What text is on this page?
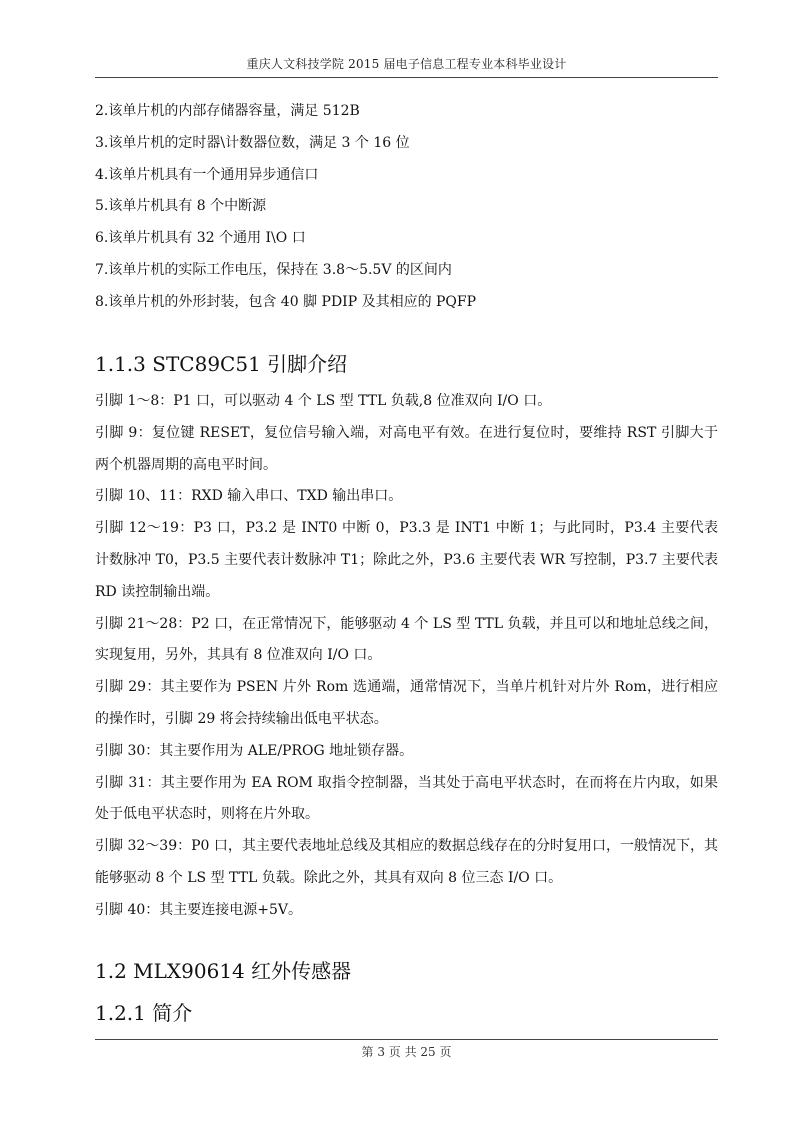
重庆人文科技学院 2015 届电子信息工程专业本科毕业设计

2.该单片机的内部存储器容量，满足 512B

3.该单片机的定时器\计数器位数，满足 3 个 16 位

4.该单片机具有一个通用异步通信口

5.该单片机具有 8 个中断源

6.该单片机具有 32 个通用 I\O 口

7.该单片机的实际工作电压，保持在 3.8～5.5V 的区间内

8.该单片机的外形封装，包含 40 脚 PDIP 及其相应的 PQFP

1.1.3 STC89C51 引脚介绍

引脚 1～8：P1 口，可以驱动 4 个 LS 型 TTL 负载,8 位准双向 I/O 口。

引脚 9：复位键 RESET，复位信号输入端，对高电平有效。在进行复位时，要维持 RST 引脚大于两个机器周期的高电平时间。

引脚 10、11：RXD 输入串口、TXD 输出串口。

引脚 12～19：P3 口，P3.2 是 INT0 中断 0，P3.3 是 INT1 中断 1；与此同时，P3.4 主要代表计数脉冲 T0，P3.5 主要代表计数脉冲 T1；除此之外，P3.6 主要代表 WR 写控制，P3.7 主要代表 RD 读控制输出端。

引脚 21～28：P2 口，在正常情况下，能够驱动 4 个 LS 型 TTL 负载，并且可以和地址总线之间，实现复用，另外，其具有 8 位准双向 I/O 口。

引脚 29：其主要作为 PSEN 片外 Rom 选通端，通常情况下，当单片机针对片外 Rom，进行相应的操作时，引脚 29 将会持续输出低电平状态。

引脚 30：其主要作用为 ALE/PROG 地址锁存器。

引脚 31：其主要作用为 EA ROM 取指令控制器，当其处于高电平状态时，在而将在片内取，如果处于低电平状态时，则将在片外取。

引脚 32～39：P0 口，其主要代表地址总线及其相应的数据总线存在的分时复用口，一般情况下，其能够驱动 8 个 LS 型 TTL 负载。除此之外，其具有双向 8 位三态 I/O 口。

引脚 40：其主要连接电源+5V。

1.2 MLX90614 红外传感器
1.2.1 简介
第 3 页 共 25 页
